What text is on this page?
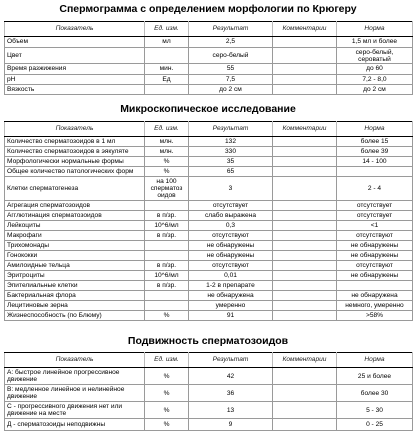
Спермограмма с определением морфологии по Крюгеру
Показатель	Ед. изм.	Результат	Комментарии	Норма
Объем	мл	2,5		1,5 мл и более
Цвет		серо-белый		серо-белый, сероватый
Время разжижения	мин.	55		до 60
pH	Ед	7,5		7,2 - 8,0
Вязкость		до 2 см		до 2 см
Микроскопическое исследование
Показатель	Ед. изм.	Результат	Комментарии	Норма
Количество сперматозоидов в 1 мл	млн.	132		более 15
Количество сперматозоидов в эякуляте	млн.	330		более 39
Морфологически нормальные формы	%	35		14 - 100
Общее количество патологических форм	%	65		
Клетки сперматогенеза	на 100 сперматоз оидов	3		2 - 4
Агрегация сперматозоидов		отсутствует		отсутствует
Агглютинация сперматозоидов	в п/зр.	слабо выражена		отсутствует
Лейкоциты	10^6/мл	0,3		<1
Макрофаги	в п/зр.	отсутствуют		отсутствуют
Трихомонады		не обнаружены		не обнаружены
Гонококки		не обнаружены		не обнаружены
Амилоидные тельца	в п/зр.	отсутствуют		отсутствуют
Эритроциты	10^6/мл	0,01		не обнаружены
Эпителиальные клетки	в п/зр.	1-2 в препарате		
Бактериальная флора		не обнаружена		не обнаружена
Лецитиновые зерна		умеренно		немного, умеренно
Жизнеспособность (по Блюму)	%	91		>58%
Подвижность сперматозоидов
Показатель	Ед. изм.	Результат	Комментарии	Норма
А: быстрое линейное прогрессивное движение	%	42		25 и более
В: медленное линейное и нелинейное движение	%	36		более 30
С - прогрессивного движения нет или движение на месте	%	13		5 - 30
Д - сперматозоиды неподвижны	%	9		0 - 25
